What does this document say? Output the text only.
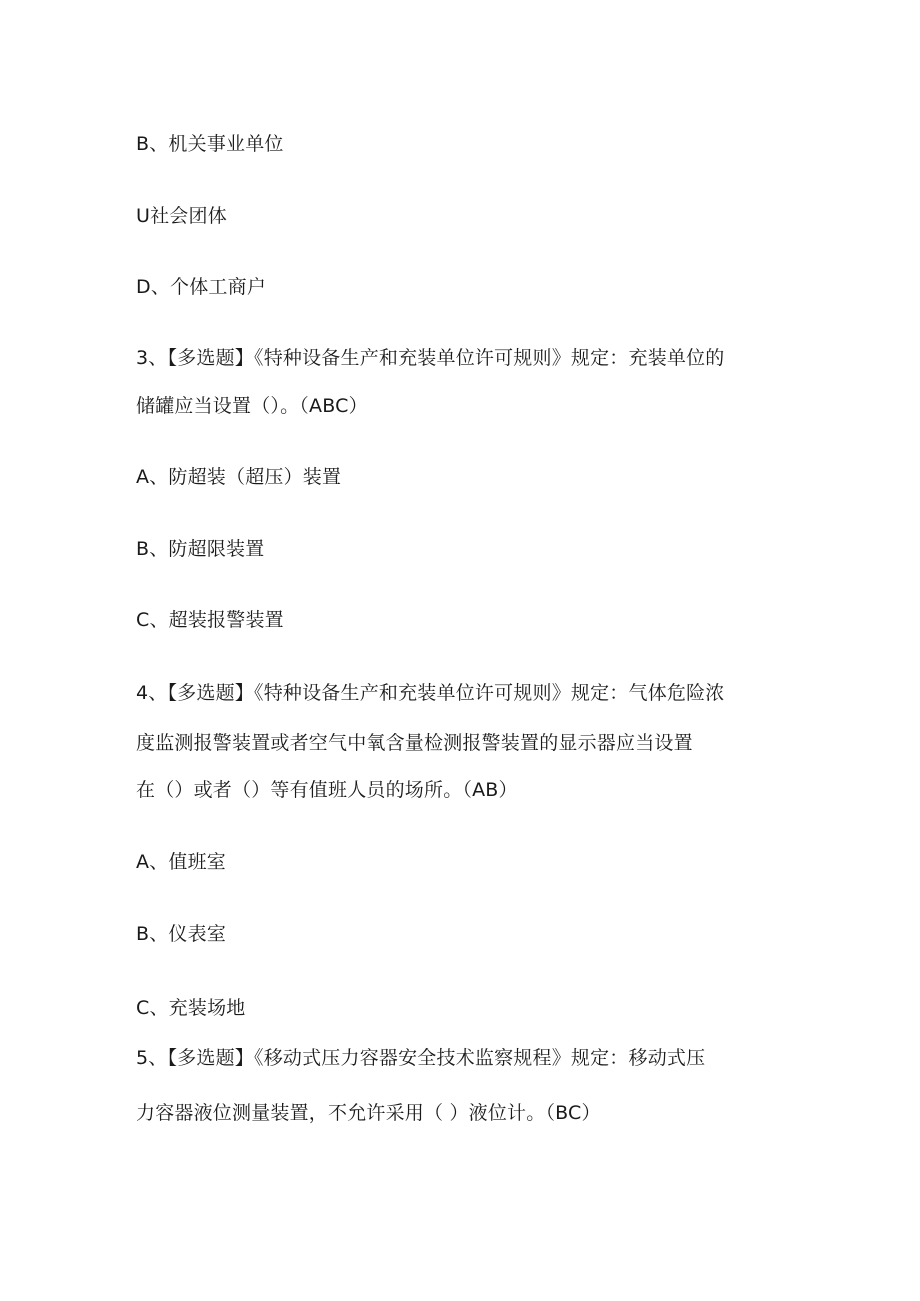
B、机关事业单位
U社会团体
D、个体工商户
3、【多选题】《特种设备生产和充装单位许可规则》规定：充装单位的
储罐应当设置（）。（ABC）
A、防超装（超压）装置
B、防超限装置
C、超装报警装置
4、【多选题】《特种设备生产和充装单位许可规则》规定：气体危险浓
度监测报警装置或者空气中氧含量检测报警装置的显示器应当设置
在（）或者（）等有值班人员的场所。（AB）
A、值班室
B、仪表室
C、充装场地
5、【多选题】《移动式压力容器安全技术监察规程》规定：移动式压
力容器液位测量装置，不允许采用（ ）液位计。（BC）
